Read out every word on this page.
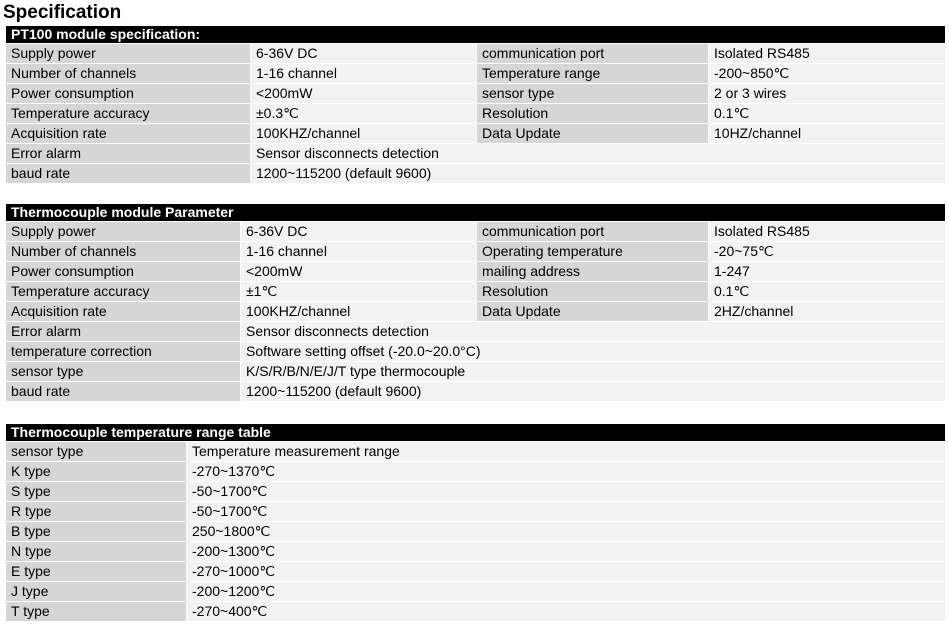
Specification
PT100 module specification:			
Supply power	6-36V DC	communication port	Isolated RS485
Number of channels	1-16 channel	Temperature range	-200~850℃
Power consumption	<200mW	sensor type	2 or 3 wires
Temperature accuracy	±0.3℃	Resolution	0.1℃
Acquisition rate	100KHZ/channel	Data Update	10HZ/channel
Error alarm	Sensor disconnects detection		
baud rate	1200~115200 (default 9600)		
Thermocouple module Parameter			
Supply power	6-36V DC	communication port	Isolated RS485
Number of channels	1-16 channel	Operating temperature	-20~75℃
Power consumption	<200mW	mailing address	1-247
Temperature accuracy	±1℃	Resolution	0.1℃
Acquisition rate	100KHZ/channel	Data Update	2HZ/channel
Error alarm	Sensor disconnects detection		
temperature correction	Software setting offset (-20.0~20.0°C)		
sensor type	K/S/R/B/N/E/J/T type thermocouple		
baud rate	1200~115200 (default 9600)		
Thermocouple temperature range table	
sensor type	Temperature measurement range
K type	-270~1370℃
S type	-50~1700℃
R type	-50~1700℃
B type	250~1800℃
N type	-200~1300℃
E type	-270~1000℃
J type	-200~1200℃
T type	-270~400℃
